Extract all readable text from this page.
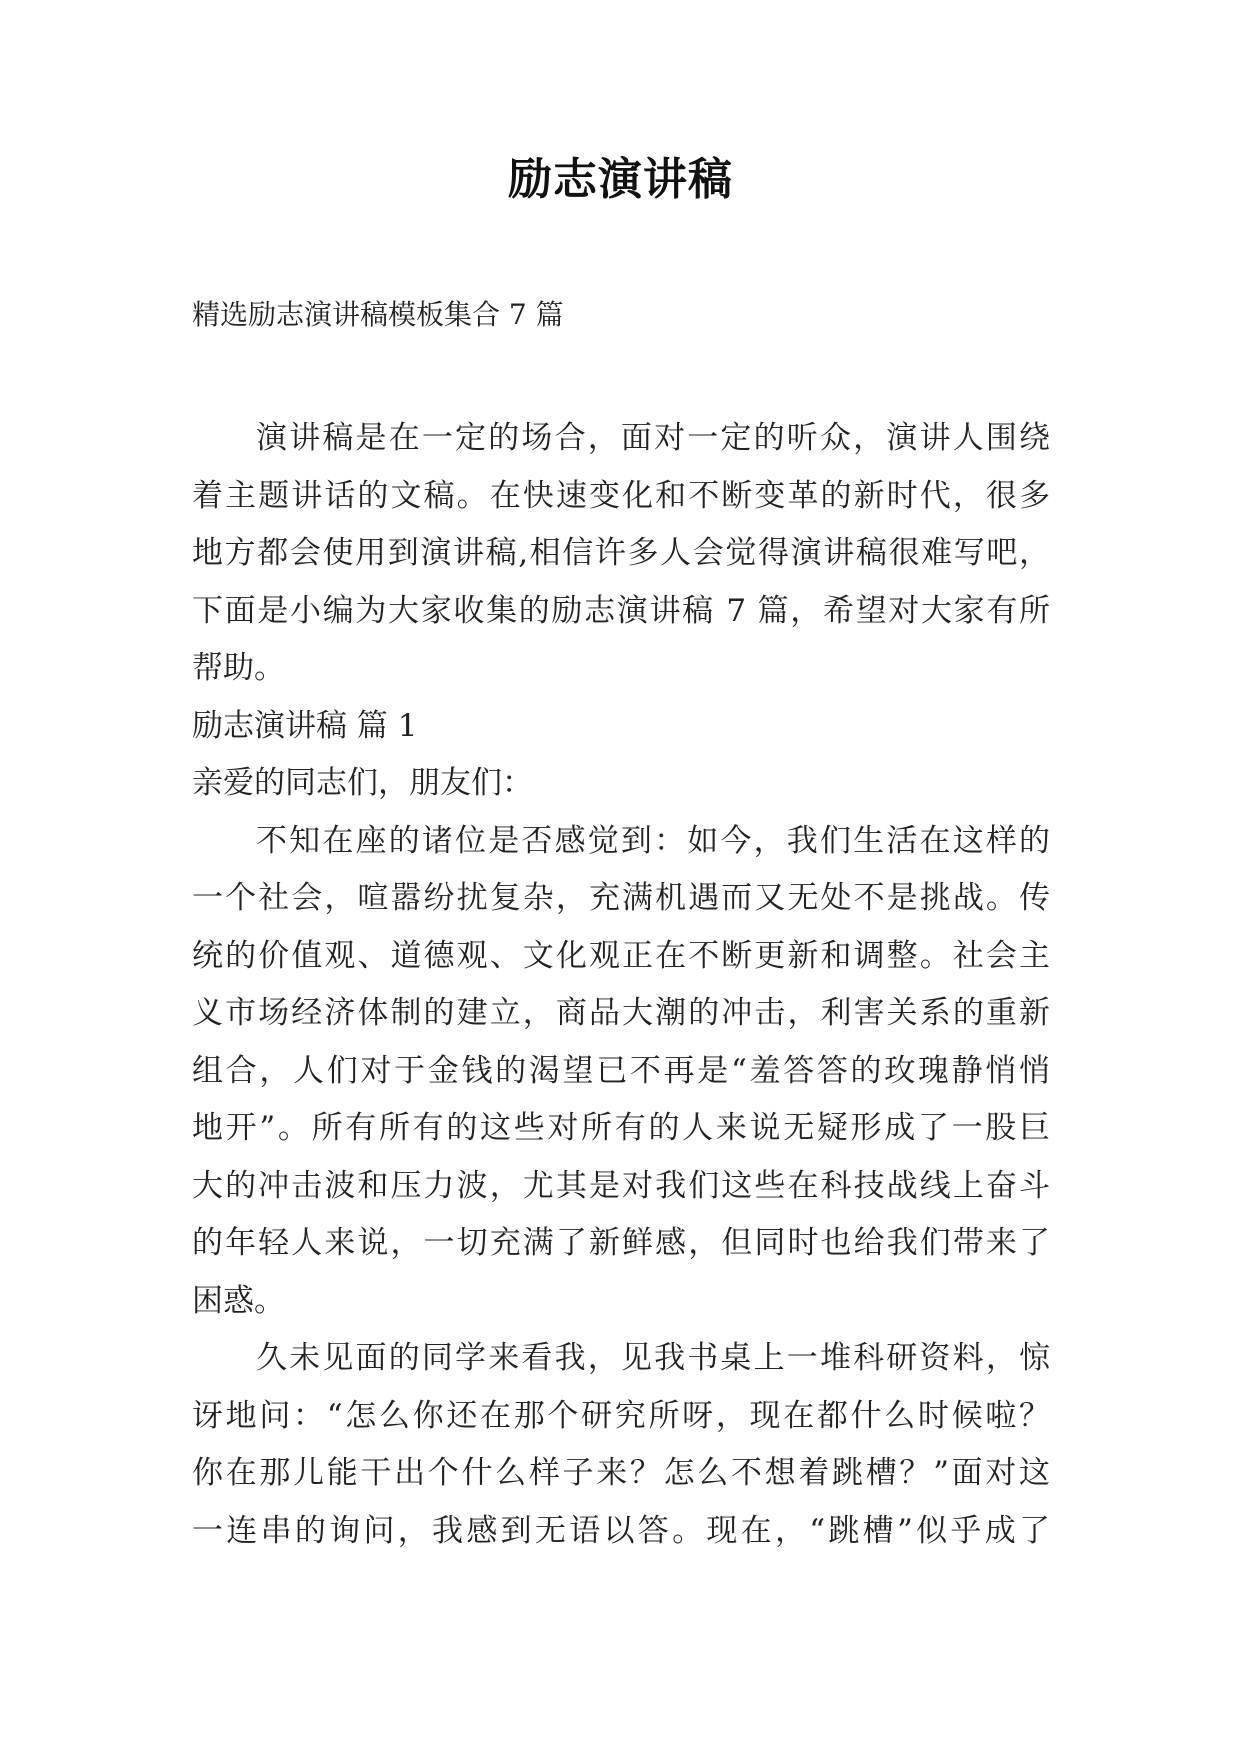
励志演讲稿
精选励志演讲稿模板集合 7 篇
演讲稿是在一定的场合，面对一定的听众，演讲人围绕
着主题讲话的文稿。在快速变化和不断变革的新时代，很多
地方都会使用到演讲稿,相信许多人会觉得演讲稿很难写吧，
下面是小编为大家收集的励志演讲稿 7 篇，希望对大家有所
帮助。
励志演讲稿 篇 1
亲爱的同志们，朋友们：
不知在座的诸位是否感觉到：如今，我们生活在这样的
一个社会，喧嚣纷扰复杂，充满机遇而又无处不是挑战。传
统的价值观、道德观、文化观正在不断更新和调整。社会主
义市场经济体制的建立，商品大潮的冲击，利害关系的重新
组合，人们对于金钱的渴望已不再是“羞答答的玫瑰静悄悄
地开”。所有所有的这些对所有的人来说无疑形成了一股巨
大的冲击波和压力波，尤其是对我们这些在科技战线上奋斗
的年轻人来说，一切充满了新鲜感，但同时也给我们带来了
困惑。
久未见面的同学来看我，见我书桌上一堆科研资料，惊
讶地问：“怎么你还在那个研究所呀，现在都什么时候啦？
你在那儿能干出个什么样子来？怎么不想着跳槽？”面对这
一连串的询问，我感到无语以答。现在，“跳槽”似乎成了
